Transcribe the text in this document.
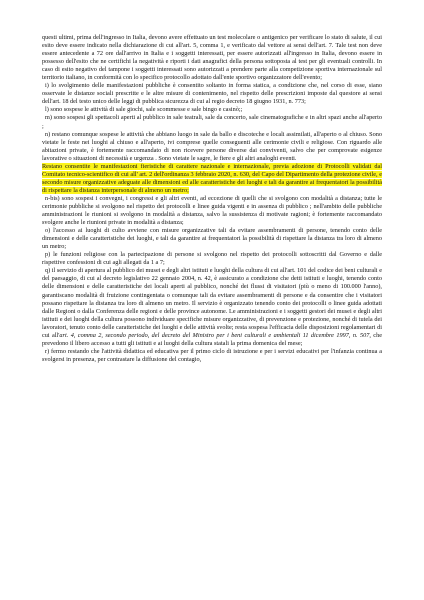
questi ultimi, prima dell'ingresso in Italia, devono avere effettuato un test molecolare o antigenico per verificare lo stato di salute, il cui esito deve essere indicato nella dichiarazione di cui all'art. 5, comma 1, e verificato dal vettore ai sensi dell'art. 7. Tale test non deve essere antecedente a 72 ore dall'arrivo in Italia e i soggetti interessati, per essere autorizzati all'ingresso in Italia, devono essere in possesso dell'esito che ne certifichi la negatività e riporti i dati anagrafici della persona sottoposta al test per gli eventuali controlli. In caso di esito negativo del tampone i soggetti interessati sono autorizzati a prendere parte alla competizione sportiva internazionale sul territorio italiano, in conformità con lo specifico protocollo adottato dall'ente sportivo organizzatore dell'evento;

i) lo svolgimento delle manifestazioni pubbliche è consentito soltanto in forma statica, a condizione che, nel corso di esse, siano osservate le distanze sociali prescritte e le altre misure di contenimento, nel rispetto delle prescrizioni imposte dal questore ai sensi dell'art. 18 del testo unico delle leggi di pubblica sicurezza di cui al regio decreto 18 giugno 1931, n. 773;

l) sono sospese le attività di sale giochi, sale scommesse e sale bingo e casinò;;

m) sono sospesi gli spettacoli aperti al pubblico in sale teatrali, sale da concerto, sale cinematografiche e in altri spazi anche all'aperto ;

n) restano comunque sospese le attività che abbiano luogo in sale da ballo e discoteche e locali assimilati, all'aperto o al chiuso. Sono vietate le feste nei luoghi al chiuso e all'aperto, ivi comprese quelle conseguenti alle cerimonie civili e religiose. Con riguardo alle abitazioni private, è fortemente raccomandato di non ricevere persone diverse dai conviventi, salvo che per comprovate esigenze lavorative o situazioni di necessità e urgenza . Sono vietate le sagre, le fiere e gli altri analoghi eventi.

Restano consentite le manifestazioni fieristiche di carattere nazionale e internazionale, previa adozione di Protocolli validati dal Comitato tecnico-scientifico di cui all' art. 2 dell'ordinanza 3 febbraio 2020, n. 630, del Capo del Dipartimento della protezione civile, e secondo misure organizzative adeguate alle dimensioni ed alle caratteristiche dei luoghi e tali da garantire ai frequentatori la possibilità di rispettare la distanza interpersonale di almeno un metro;

n-bis) sono sospesi i convegni, i congressi e gli altri eventi, ad eccezione di quelli che si svolgono con modalità a distanza; tutte le cerimonie pubbliche si svolgono nel rispetto dei protocolli e linee guida vigenti e in assenza di pubblico ; nell'ambito delle pubbliche amministrazioni le riunioni si svolgono in modalità a distanza, salvo la sussistenza di motivate ragioni; è fortemente raccomandato svolgere anche le riunioni private in modalità a distanza;

o) l'accesso ai luoghi di culto avviene con misure organizzative tali da evitare assembramenti di persone, tenendo conto delle dimensioni e delle caratteristiche dei luoghi, e tali da garantire ai frequentatori la possibilità di rispettare la distanza tra loro di almeno un metro;

p) le funzioni religiose con la partecipazione di persone si svolgono nel rispetto dei protocolli sottoscritti dal Governo e dalle rispettive confessioni di cui agli allegati da 1 a 7;

q) il servizio di apertura al pubblico dei musei e degli altri istituti e luoghi della cultura di cui all'art. 101 del codice dei beni culturali e del paesaggio, di cui al decreto legislativo 22 gennaio 2004, n. 42, è assicurato a condizione che detti istituti e luoghi, tenendo conto delle dimensioni e delle caratteristiche dei locali aperti al pubblico, nonché dei flussi di visitatori (più o meno di 100.000 l'anno), garantiscano modalità di fruizione contingentata o comunque tali da evitare assembramenti di persone e da consentire che i visitatori possano rispettare la distanza tra loro di almeno un metro. Il servizio è organizzato tenendo conto dei protocolli o linee guida adottati dalle Regioni o dalla Conferenza delle regioni e delle province autonome. Le amministrazioni e i soggetti gestori dei musei e degli altri istituti e dei luoghi della cultura possono individuare specifiche misure organizzative, di prevenzione e protezione, nonché di tutela dei lavoratori, tenuto conto delle caratteristiche dei luoghi e delle attività svolte; resta sospesa l'efficacia delle disposizioni regolamentari di cui all'art. 4, comma 2, secondo periodo, del decreto del Ministro per i beni culturali e ambientali 11 dicembre 1997, n. 507, che prevedono il libero accesso a tutti gli istituti e ai luoghi della cultura statali la prima domenica del mese;

r) fermo restando che l'attività didattica ed educativa per il primo ciclo di istruzione e per i servizi educativi per l'infanzia continua a svolgersi in presenza, per contrastare la diffusione del contagio,
